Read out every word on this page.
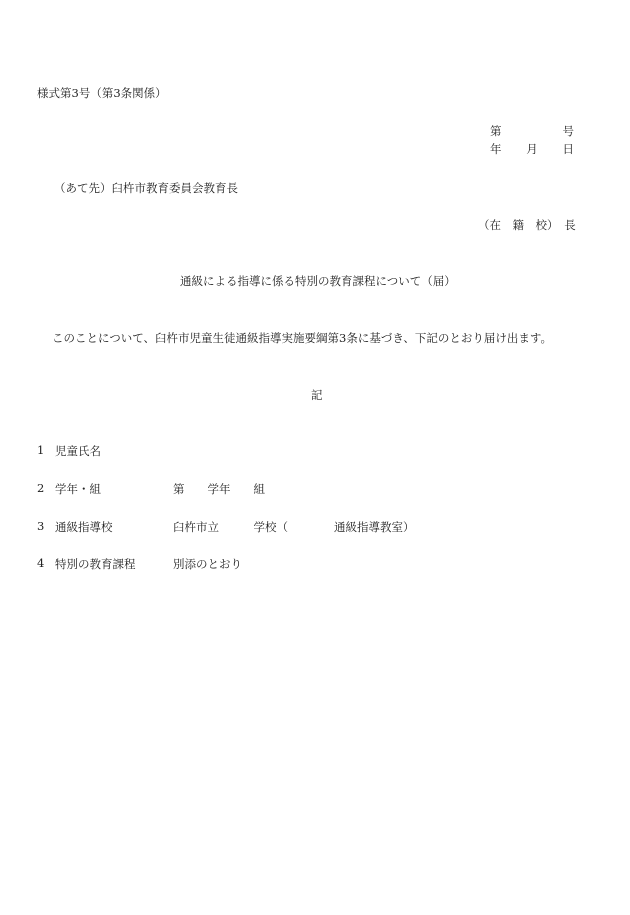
様式第3号（第3条関係）
第	号
年 月 日
（あて先）臼杵市教育委員会教育長
（在　籍　校）　長
通級による指導に係る特別の教育課程について（届）
このことについて、臼杵市児童生徒通級指導実施要綱第3条に基づき、下記のとおり届け出ます。
記
1 児童氏名
2 学年・組	第　　学年　　組
3 通級指導校	臼杵市立　　　学校（　　　　通級指導教室）
4 特別の教育課程	別添のとおり
